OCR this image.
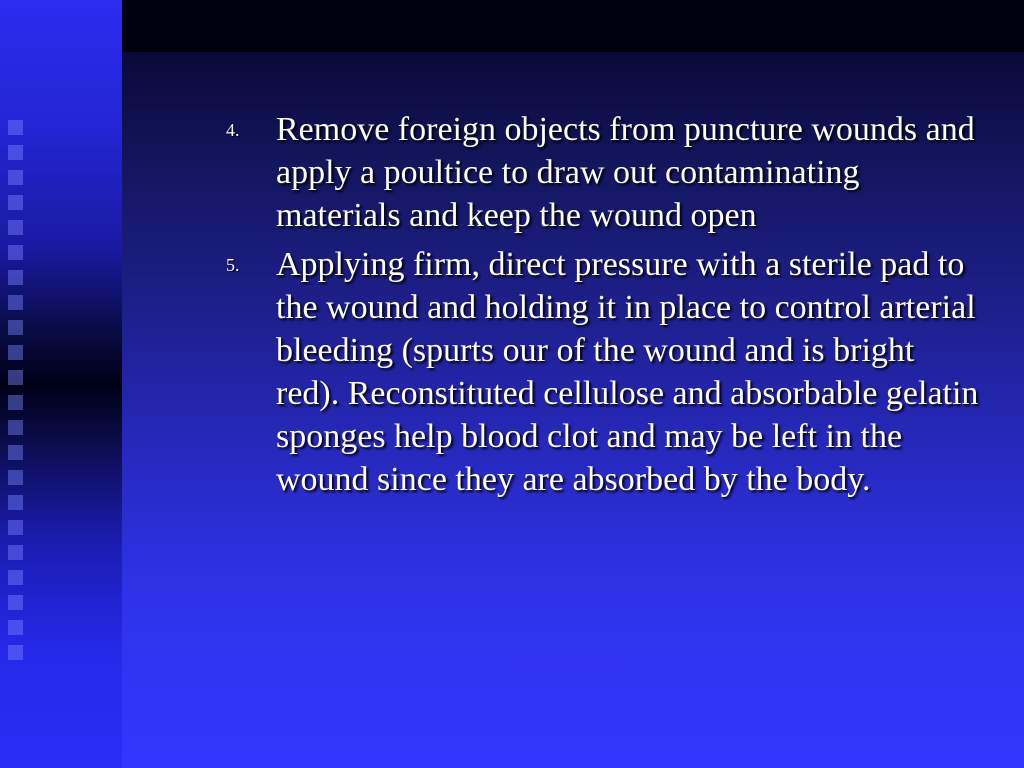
4.	Remove foreign objects from puncture wounds and apply a poultice to draw out contaminating materials and keep the wound open
5.	Applying firm, direct pressure with a sterile pad to the wound and holding it in place to control arterial bleeding (spurts our of the wound and is bright red). Reconstituted cellulose and absorbable gelatin sponges help blood clot and may be left in the wound since they are absorbed by the body.
